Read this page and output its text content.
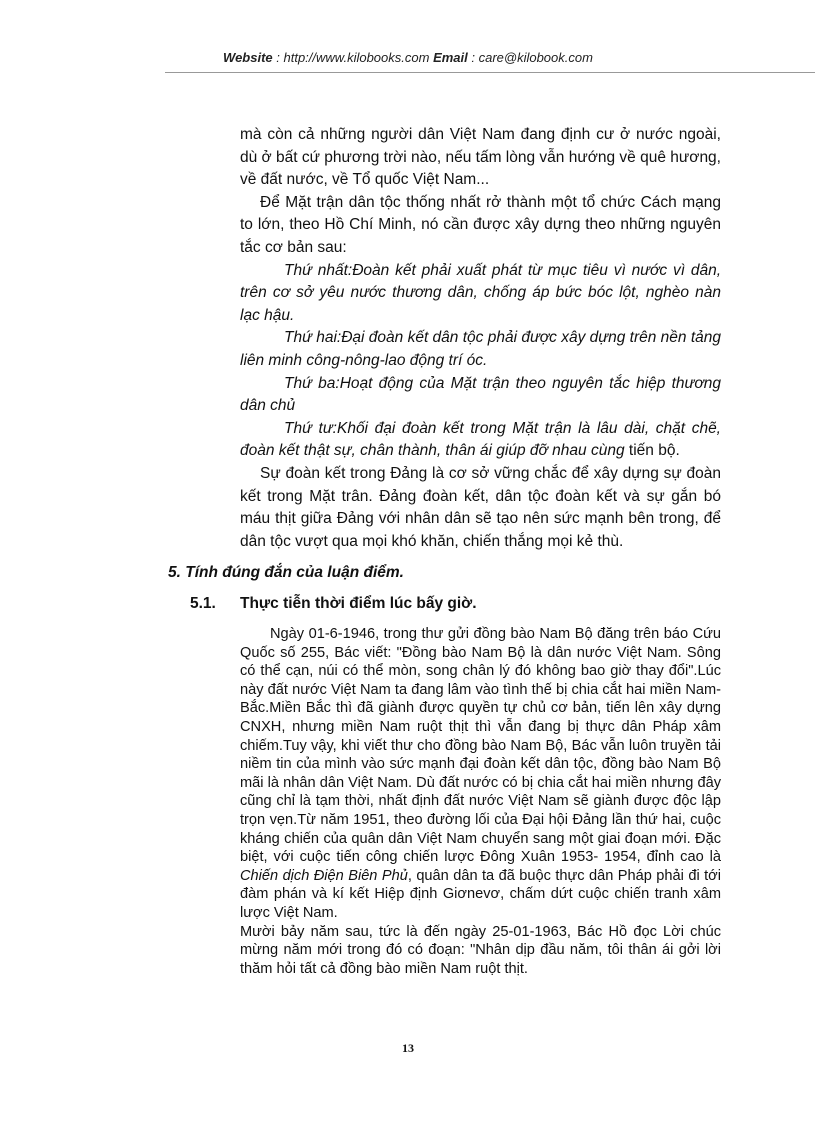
Website : http://www.kilobooks.com Email : care@kilobook.com

mà còn cả những người dân Việt Nam đang định cư ở nước ngoài, dù ở bất cứ phương trời nào, nếu tấm lòng vẫn hướng về quê hương, về đất nước, về Tổ quốc Việt Nam...

Để Mặt trận dân tộc thống nhất rở thành một tổ chức Cách mạng to lớn, theo Hồ Chí Minh, nó cần được xây dựng theo những nguyên tắc cơ bản sau:

Thứ nhất:Đoàn kết phải xuất phát từ mục tiêu vì nước vì dân, trên cơ sở yêu nước thương dân, chống áp bức bóc lột, nghèo nàn lạc hậu.

Thứ hai:Đại đoàn kết dân tộc phải được xây dựng trên nền tảng liên minh công-nông-lao động trí óc.

Thứ ba:Hoạt động của Mặt trận theo nguyên tắc hiệp thương dân chủ

Thứ tư:Khối đại đoàn kết trong Mặt trận là lâu dài, chặt chẽ, đoàn kết thật sự, chân thành, thân ái giúp đỡ nhau cùng tiến bộ.

Sự đoàn kết trong Đảng là cơ sở vững chắc để xây dựng sự đoàn kết trong Mặt trân. Đảng đoàn kết, dân tộc đoàn kết và sự gắn bó máu thịt giữa Đảng với nhân dân sẽ tạo nên sức mạnh bên trong, để dân tộc vượt qua mọi khó khăn, chiến thắng mọi kẻ thù.

5. Tính đúng đắn của luận điểm.
5.1. Thực tiễn thời điểm lúc bấy giờ.

Ngày 01-6-1946, trong thư gửi đồng bào Nam Bộ đăng trên báo Cứu Quốc số 255, Bác viết: "Đồng bào Nam Bộ là dân nước Việt Nam. Sông có thể cạn, núi có thể mòn, song chân lý đó không bao giờ thay đổi".Lúc này đất nước Việt Nam ta đang lâm vào tình thế bị chia cắt hai miền Nam-Bắc.Miền Bắc thì đã giành được quyền tự chủ cơ bản, tiến lên xây dựng CNXH, nhưng miền Nam ruột thịt thì vẫn đang bị thực dân Pháp xâm chiếm.Tuy vậy, khi viết thư cho đồng bào Nam Bộ, Bác vẫn luôn truyền tải niềm tin của mình vào sức mạnh đại đoàn kết dân tộc, đồng bào Nam Bộ mãi là nhân dân Việt Nam. Dù đất nước có bị chia cắt hai miền nhưng đây cũng chỉ là tạm thời, nhất định đất nước Việt Nam sẽ giành được độc lập trọn vẹn.Từ năm 1951, theo đường lối của Đại hội Đảng lần thứ hai, cuộc kháng chiến của quân dân Việt Nam chuyển sang một giai đoạn mới. Đặc biệt, với cuộc tiến công chiến lược Đông Xuân 1953- 1954, đỉnh cao là Chiến dịch Điện Biên Phủ, quân dân ta đã buộc thực dân Pháp phải đi tới đàm phán và kí kết Hiệp định Giơnevơ, chấm dứt cuộc chiến tranh xâm lược Việt Nam.

Mười bảy năm sau, tức là đến ngày 25-01-1963, Bác Hồ đọc Lời chúc mừng năm mới trong đó có đoạn: "Nhân dịp đầu năm, tôi thân ái gởi lời thăm hỏi tất cả đồng bào miền Nam ruột thịt.

13
